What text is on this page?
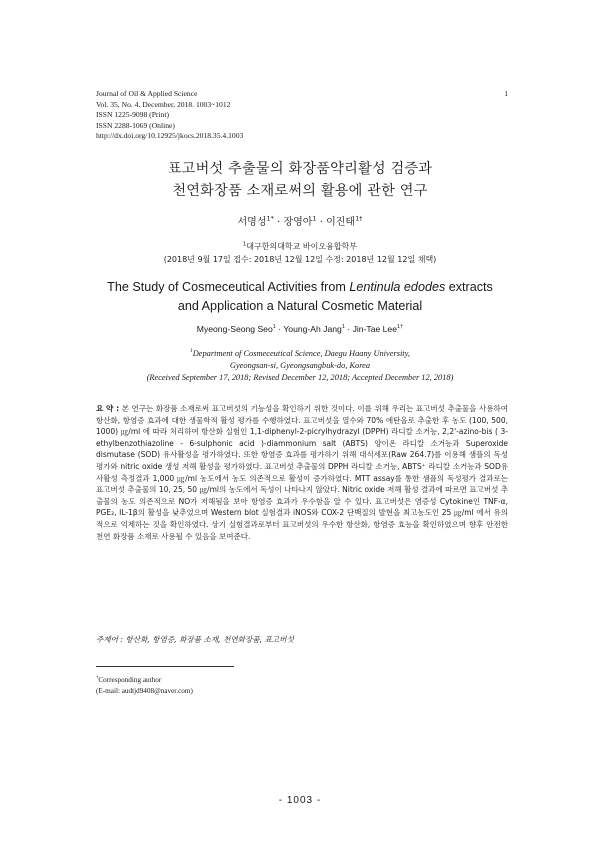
Journal of Oil & Applied Science
Vol. 35, No. 4. December, 2018. 1003~1012
ISSN 1225-9098 (Print)
ISSN 2288-1069 (Online)
http://dx.doi.org/10.12925/jkocs.2018.35.4.1003
1
표고버섯 추출물의 화장품약리활성 검증과
천연화장품 소재로써의 활용에 관한 연구
서명성$^{1*}$ · 장영아$^1$ · 이진태$^{1\dagger}$
$^1$대구한의대학교 바이오융합학부
(2018년 9월 17일 접수: 2018년 12월 12일 수정: 2018년 12월 12일 채택)
The Study of Cosmeceutical Activities from Lentinula edodes extracts
and Application a Natural Cosmetic Material
Myeong-Seong Seo$^1$ · Young-Ah Jang$^1$ · Jin-Tae Lee$^{1\dagger}$
$^1$Department of Cosmeceutical Science, Daegu Haany University,
Gyeongsan-si, Gyeongsangbuk-do, Korea
(Received September 17, 2018; Revised December 12, 2018; Accepted December 12, 2018)
요 약 : 본 연구는 화장품 소재로써 표고버섯의 기능성을 확인하기 위한 것이다. 이를 위해 우리는 표고버섯 추출물을 사용하여 항산화, 항염증 효과에 대한 생물학적 활성 평가를 수행하였다. 표고버섯을 열수와 70% 에탄올로 추출한 후 농도 (100, 500, 1000) ㎍/ml 에 따라 처리하여 항산화 실험인 1,1-diphenyl-2-picrylhydrazyl (DPPH) 라디칼 소거능, 2,2'-azino-bis ( 3-ethylbenzothiazoline - 6-sulphonic acid )-diammonium salt (ABTS) 양이온 라디칼 소거능과 Superoxide dismutase (SOD) 유사활성을 평가하였다. 또한 항염증 효과를 평가하기 위해 대식세포(Raw 264.7)를 이용해 샘플의 독성평가와 nitric oxide 생성 저해 활성을 평가하였다. 표고버섯 추출물의 DPPH 라디칼 소거능, ABTS⁺ 라디칼 소거능과 SOD유사활성 측정결과 1,000 ㎍/ml 농도에서 농도 의존적으로 활성이 증가하였다. MTT assay를 통한 샘플의 독성평가 결과로는 표고버섯 추출물의 10, 25, 50 ㎍/ml의 농도에서 독성이 나타나지 않았다. Nitric oxide 저해 활성 결과에 따르면 표고버섯 추출물의 농도 의존적으로 NO가 저해됨을 보아 항염증 효과가 우수함을 알 수 있다. 표고버섯은 염증성 Cytokine인 TNF-α, PGE₂, IL-1β의 활성을 낮추었으며 Western blot 실험결과 iNOS와 COX-2 단백질의 발현을 최고농도인 25 ㎍/ml 에서 유의적으로 억제하는 것을 확인하였다. 상기 실험결과로부터 표고버섯의 우수한 항산화, 항염증 효능을 확인하였으며 향후 안전한 천연 화장품 소재로 사용될 수 있음을 보여준다.
주제어 : 항산화, 항염증, 화장품 소재, 천연화장품, 표고버섯
†Corresponding author
(E-mail: audtjd9408@naver.com)
- 1003 -
